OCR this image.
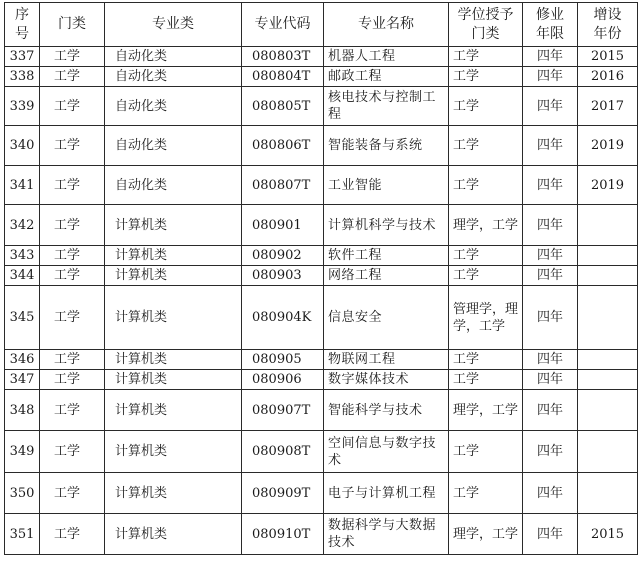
序号	门类	专业类	专业代码	专业名称	学位授予门类	修业年限	增设年份
337	工学	自动化类	080803T	机器人工程	工学	四年	2015
338	工学	自动化类	080804T	邮政工程	工学	四年	2016
339	工学	自动化类	080805T	核电技术与控制工程	工学	四年	2017
340	工学	自动化类	080806T	智能装备与系统	工学	四年	2019
341	工学	自动化类	080807T	工业智能	工学	四年	2019
342	工学	计算机类	080901	计算机科学与技术	理学，工学	四年	
343	工学	计算机类	080902	软件工程	工学	四年	
344	工学	计算机类	080903	网络工程	工学	四年	
345	工学	计算机类	080904K	信息安全	管理学，理学，工学	四年	
346	工学	计算机类	080905	物联网工程	工学	四年	
347	工学	计算机类	080906	数字媒体技术	工学	四年	
348	工学	计算机类	080907T	智能科学与技术	理学，工学	四年	
349	工学	计算机类	080908T	空间信息与数字技术	工学	四年	
350	工学	计算机类	080909T	电子与计算机工程	工学	四年	
351	工学	计算机类	080910T	数据科学与大数据技术	理学，工学	四年	2015
